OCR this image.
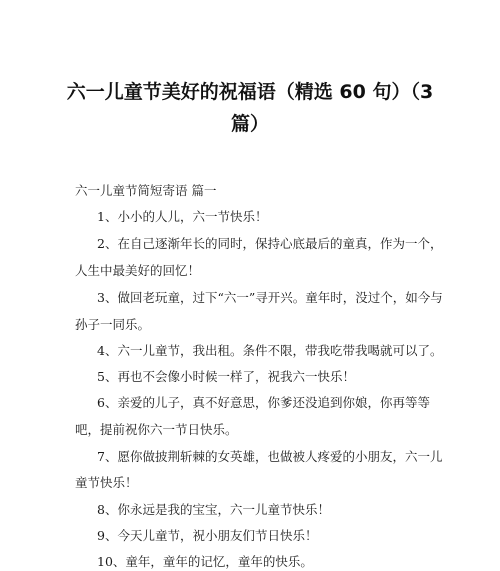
六一儿童节美好的祝福语（精选 60 句）（3
篇）
六一儿童节简短寄语 篇一
1、小小的人儿，六一节快乐！
2、在自己逐渐年长的同时，保持心底最后的童真，作为一个，
人生中最美好的回忆！
3、做回老玩童，过下“六一”寻开兴。童年时，没过个，如今与
孙子一同乐。
4、六一儿童节，我出租。条件不限，带我吃带我喝就可以了。
5、再也不会像小时候一样了，祝我六一快乐！
6、亲爱的儿子，真不好意思，你爹还没追到你娘，你再等等
吧，提前祝你六一节日快乐。
7、愿你做披荆斩棘的女英雄，也做被人疼爱的小朋友，六一儿
童节快乐！
8、你永远是我的宝宝，六一儿童节快乐！
9、今天儿童节，祝小朋友们节日快乐！
10、童年，童年的记忆，童年的快乐。
